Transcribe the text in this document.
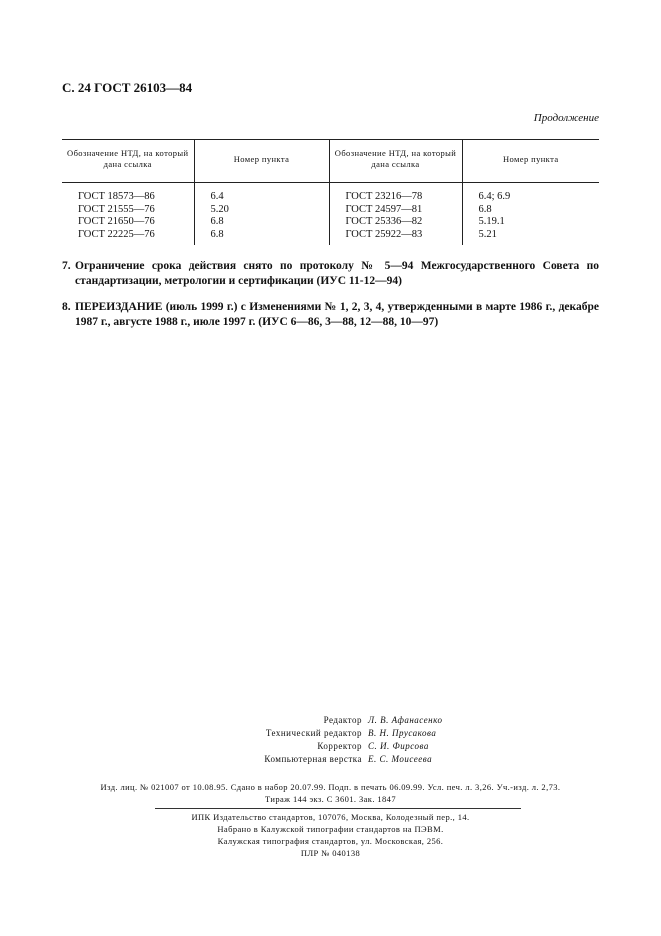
С. 24 ГОСТ 26103—84
Продолжение
Обозначение НТД, на который дана ссылка	Номер пункта	Обозначение НТД, на который дана ссылка	Номер пункта
ГОСТ 18573—86	6.4	ГОСТ 23216—78	6.4; 6.9
ГОСТ 21555—76	5.20	ГОСТ 24597—81	6.8
ГОСТ 21650—76	6.8	ГОСТ 25336—82	5.19.1
ГОСТ 22225—76	6.8	ГОСТ 25922—83	5.21
7. Ограничение срока действия снято по протоколу № 5—94 Межгосударственного Совета по стандартизации, метрологии и сертификации (ИУС 11-12—94)
8. ПЕРЕИЗДАНИЕ (июль 1999 г.) с Изменениями № 1, 2, 3, 4, утвержденными в марте 1986 г., декабре 1987 г., августе 1988 г., июле 1997 г. (ИУС 6—86, 3—88, 12—88, 10—97)
Редактор Л. В. Афанасенко
Технический редактор В. Н. Прусакова
Корректор С. И. Фирсова
Компьютерная верстка Е. С. Моисеева
Изд. лиц. № 021007 от 10.08.95. Сдано в набор 20.07.99. Подп. в печать 06.09.99. Усл. печ. л. 3,26. Уч.-изд. л. 2,73.
Тираж 144 экз. С 3601. Зак. 1847
ИПК Издательство стандартов, 107076, Москва, Колодезный пер., 14.
Набрано в Калужской типографии стандартов на ПЭВМ.
Калужская типография стандартов, ул. Московская, 256.
ПЛР № 040138
